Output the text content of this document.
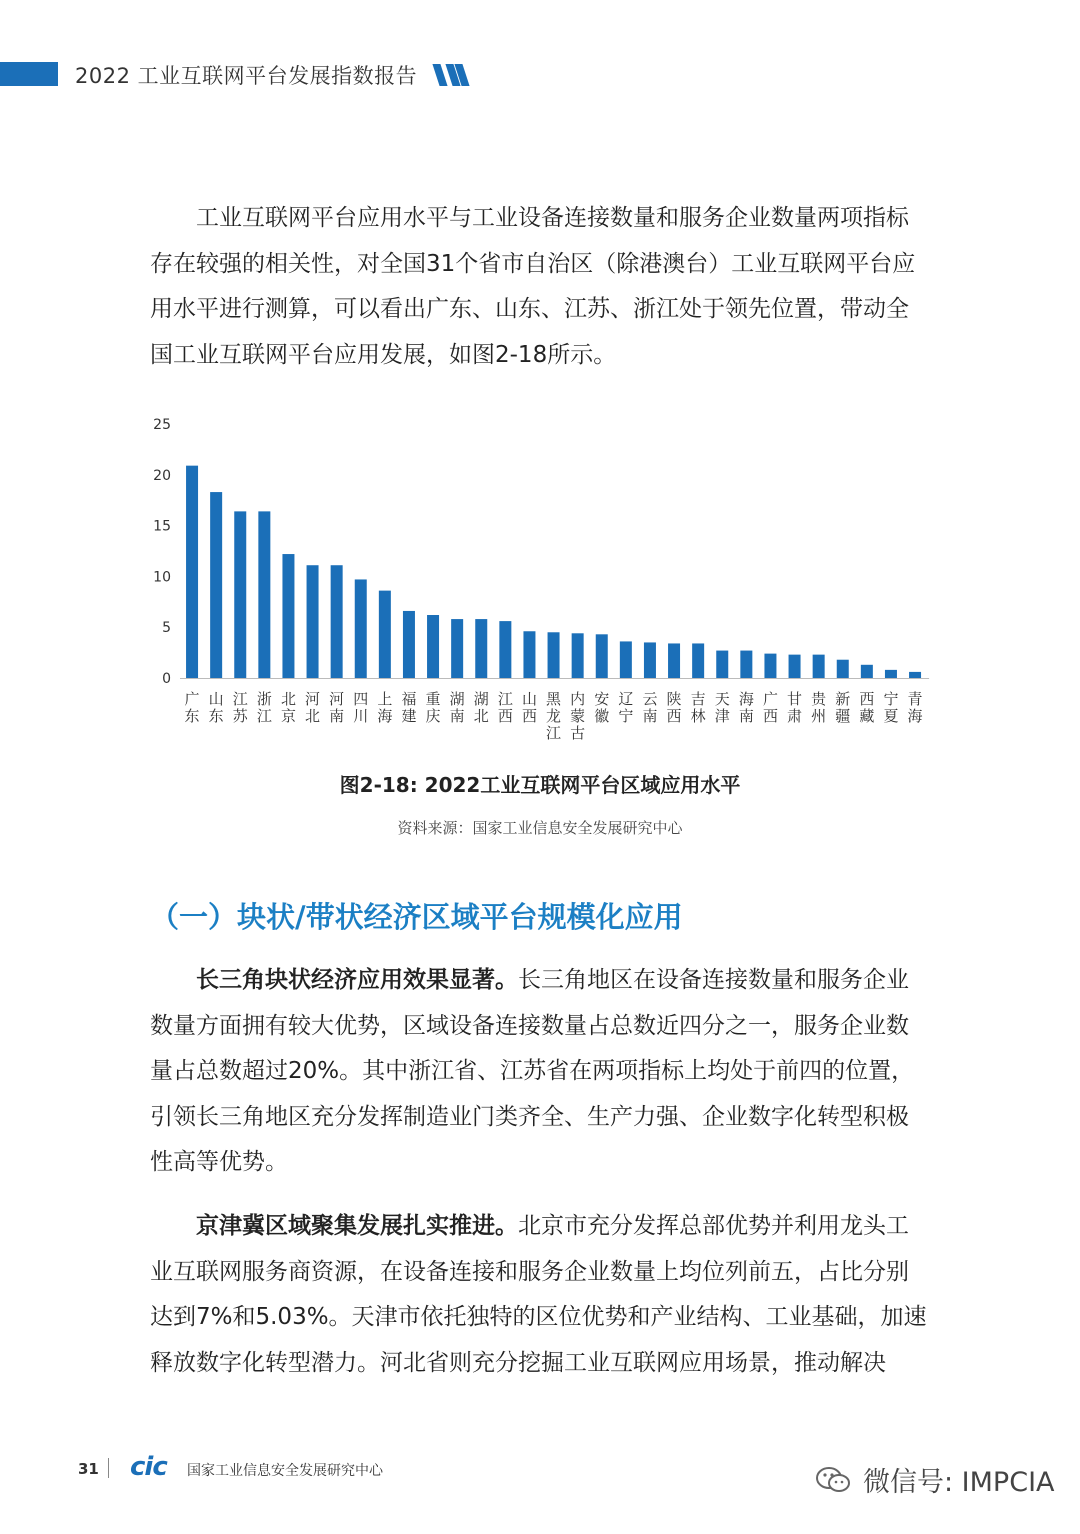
2022 工业互联网平台发展指数报告

工业互联网平台应用水平与工业设备连接数量和服务企业数量两项指标存在较强的相关性，对全国31个省市自治区（除港澳台）工业互联网平台应用水平进行测算，可以看出广东、山东、江苏、浙江处于领先位置，带动全国工业互联网平台应用发展，如图2-18所示。

0
5
10
15
20
25
广东
山东
江苏
浙江
北京
河北
河南
四川
上海
福建
重庆
湖南
湖北
江西
山西
黑龙江
内蒙古
安徽
辽宁
云南
陕西
吉林
天津
海南
广西
甘肃
贵州
新疆
西藏
宁夏
青海
图2-18: 2022工业互联网平台区域应用水平
资料来源：国家工业信息安全发展研究中心
（一）块状/带状经济区域平台规模化应用

长三角块状经济应用效果显著。长三角地区在设备连接数量和服务企业数量方面拥有较大优势，区域设备连接数量占总数近四分之一，服务企业数量占总数超过20%。其中浙江省、江苏省在两项指标上均处于前四的位置，引领长三角地区充分发挥制造业门类齐全、生产力强、企业数字化转型积极性高等优势。

京津冀区域聚集发展扎实推进。北京市充分发挥总部优势并利用龙头工业互联网服务商资源，在设备连接和服务企业数量上均位列前五，占比分别达到7%和5.03%。天津市依托独特的区位优势和产业结构、工业基础，加速释放数字化转型潜力。河北省则充分挖掘工业互联网应用场景，推动解决

31 cic 国家工业信息安全发展研究中心	微信号: IMPCIA
